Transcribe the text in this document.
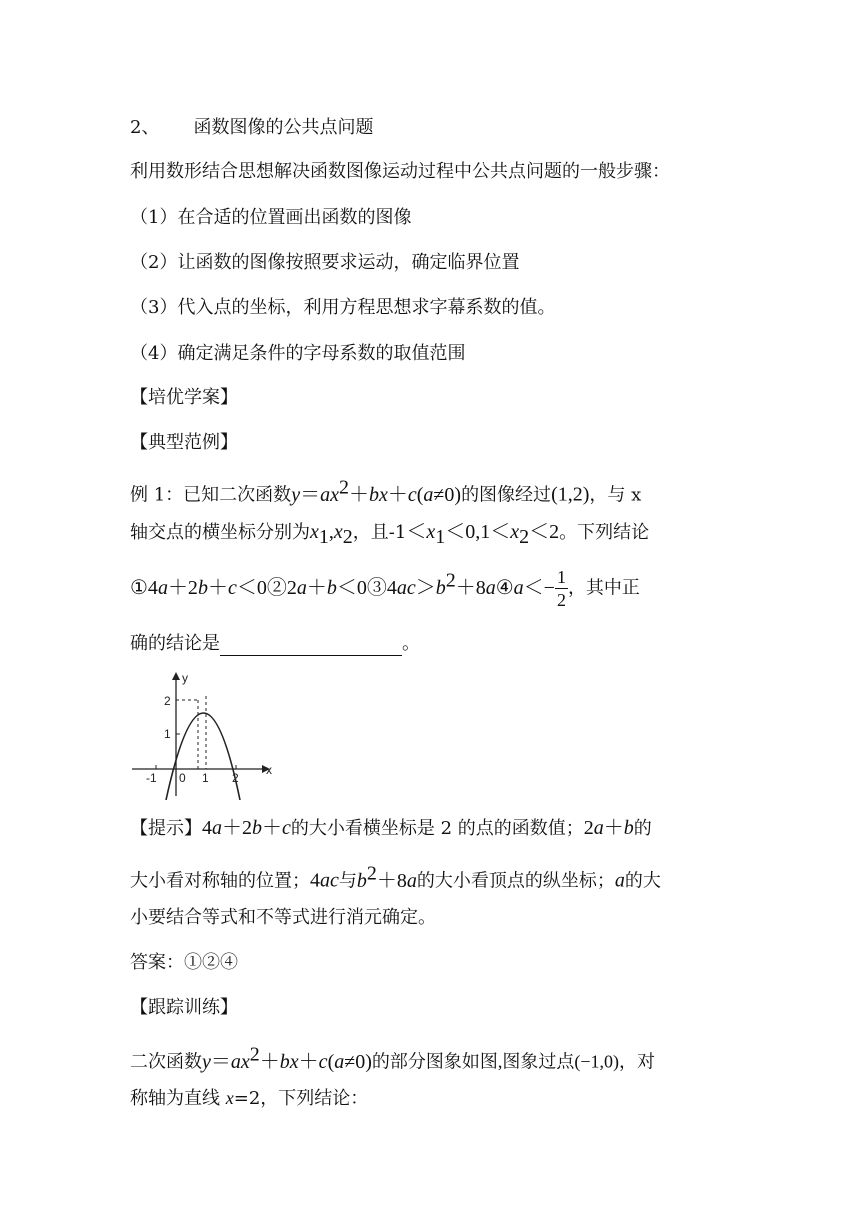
2、 函数图像的公共点问题
利用数形结合思想解决函数图像运动过程中公共点问题的一般步骤：
（1）在合适的位置画出函数的图像
（2）让函数的图像按照要求运动，确定临界位置
（3）代入点的坐标，利用方程思想求字幕系数的值。
（4）确定满足条件的字母系数的取值范围
【培优学案】
【典型范例】
例 1：已知二次函数$y=ax^2+bx+c(a\ne 0)$的图像经过(1,2)，与 x
轴交点的横坐标分别为$x_1,x_2$，且$-1<x_1<0,1<x_2<2$。下列结论
$①4a+2b+c<0②2a+b<0③4ac>b^2+8a④a<- \frac{1}{2}$ ，其中正
确的结论是	。
y
x
2
1
-1 0 1 2
【提示】4a＋2b＋c的大小看横坐标是 2 的点的函数值；2a＋b的
大小看对称轴的位置；4ac与$b^2+8a$的大小看顶点的纵坐标；a的大
小要结合等式和不等式进行消元确定。
答案：①②④
【跟踪训练】
二次函数$y=ax^2+bx+c(a\ne 0)$的部分图象如图,图象过点(−1,0)，对
称轴为直线 x=2，下列结论：
